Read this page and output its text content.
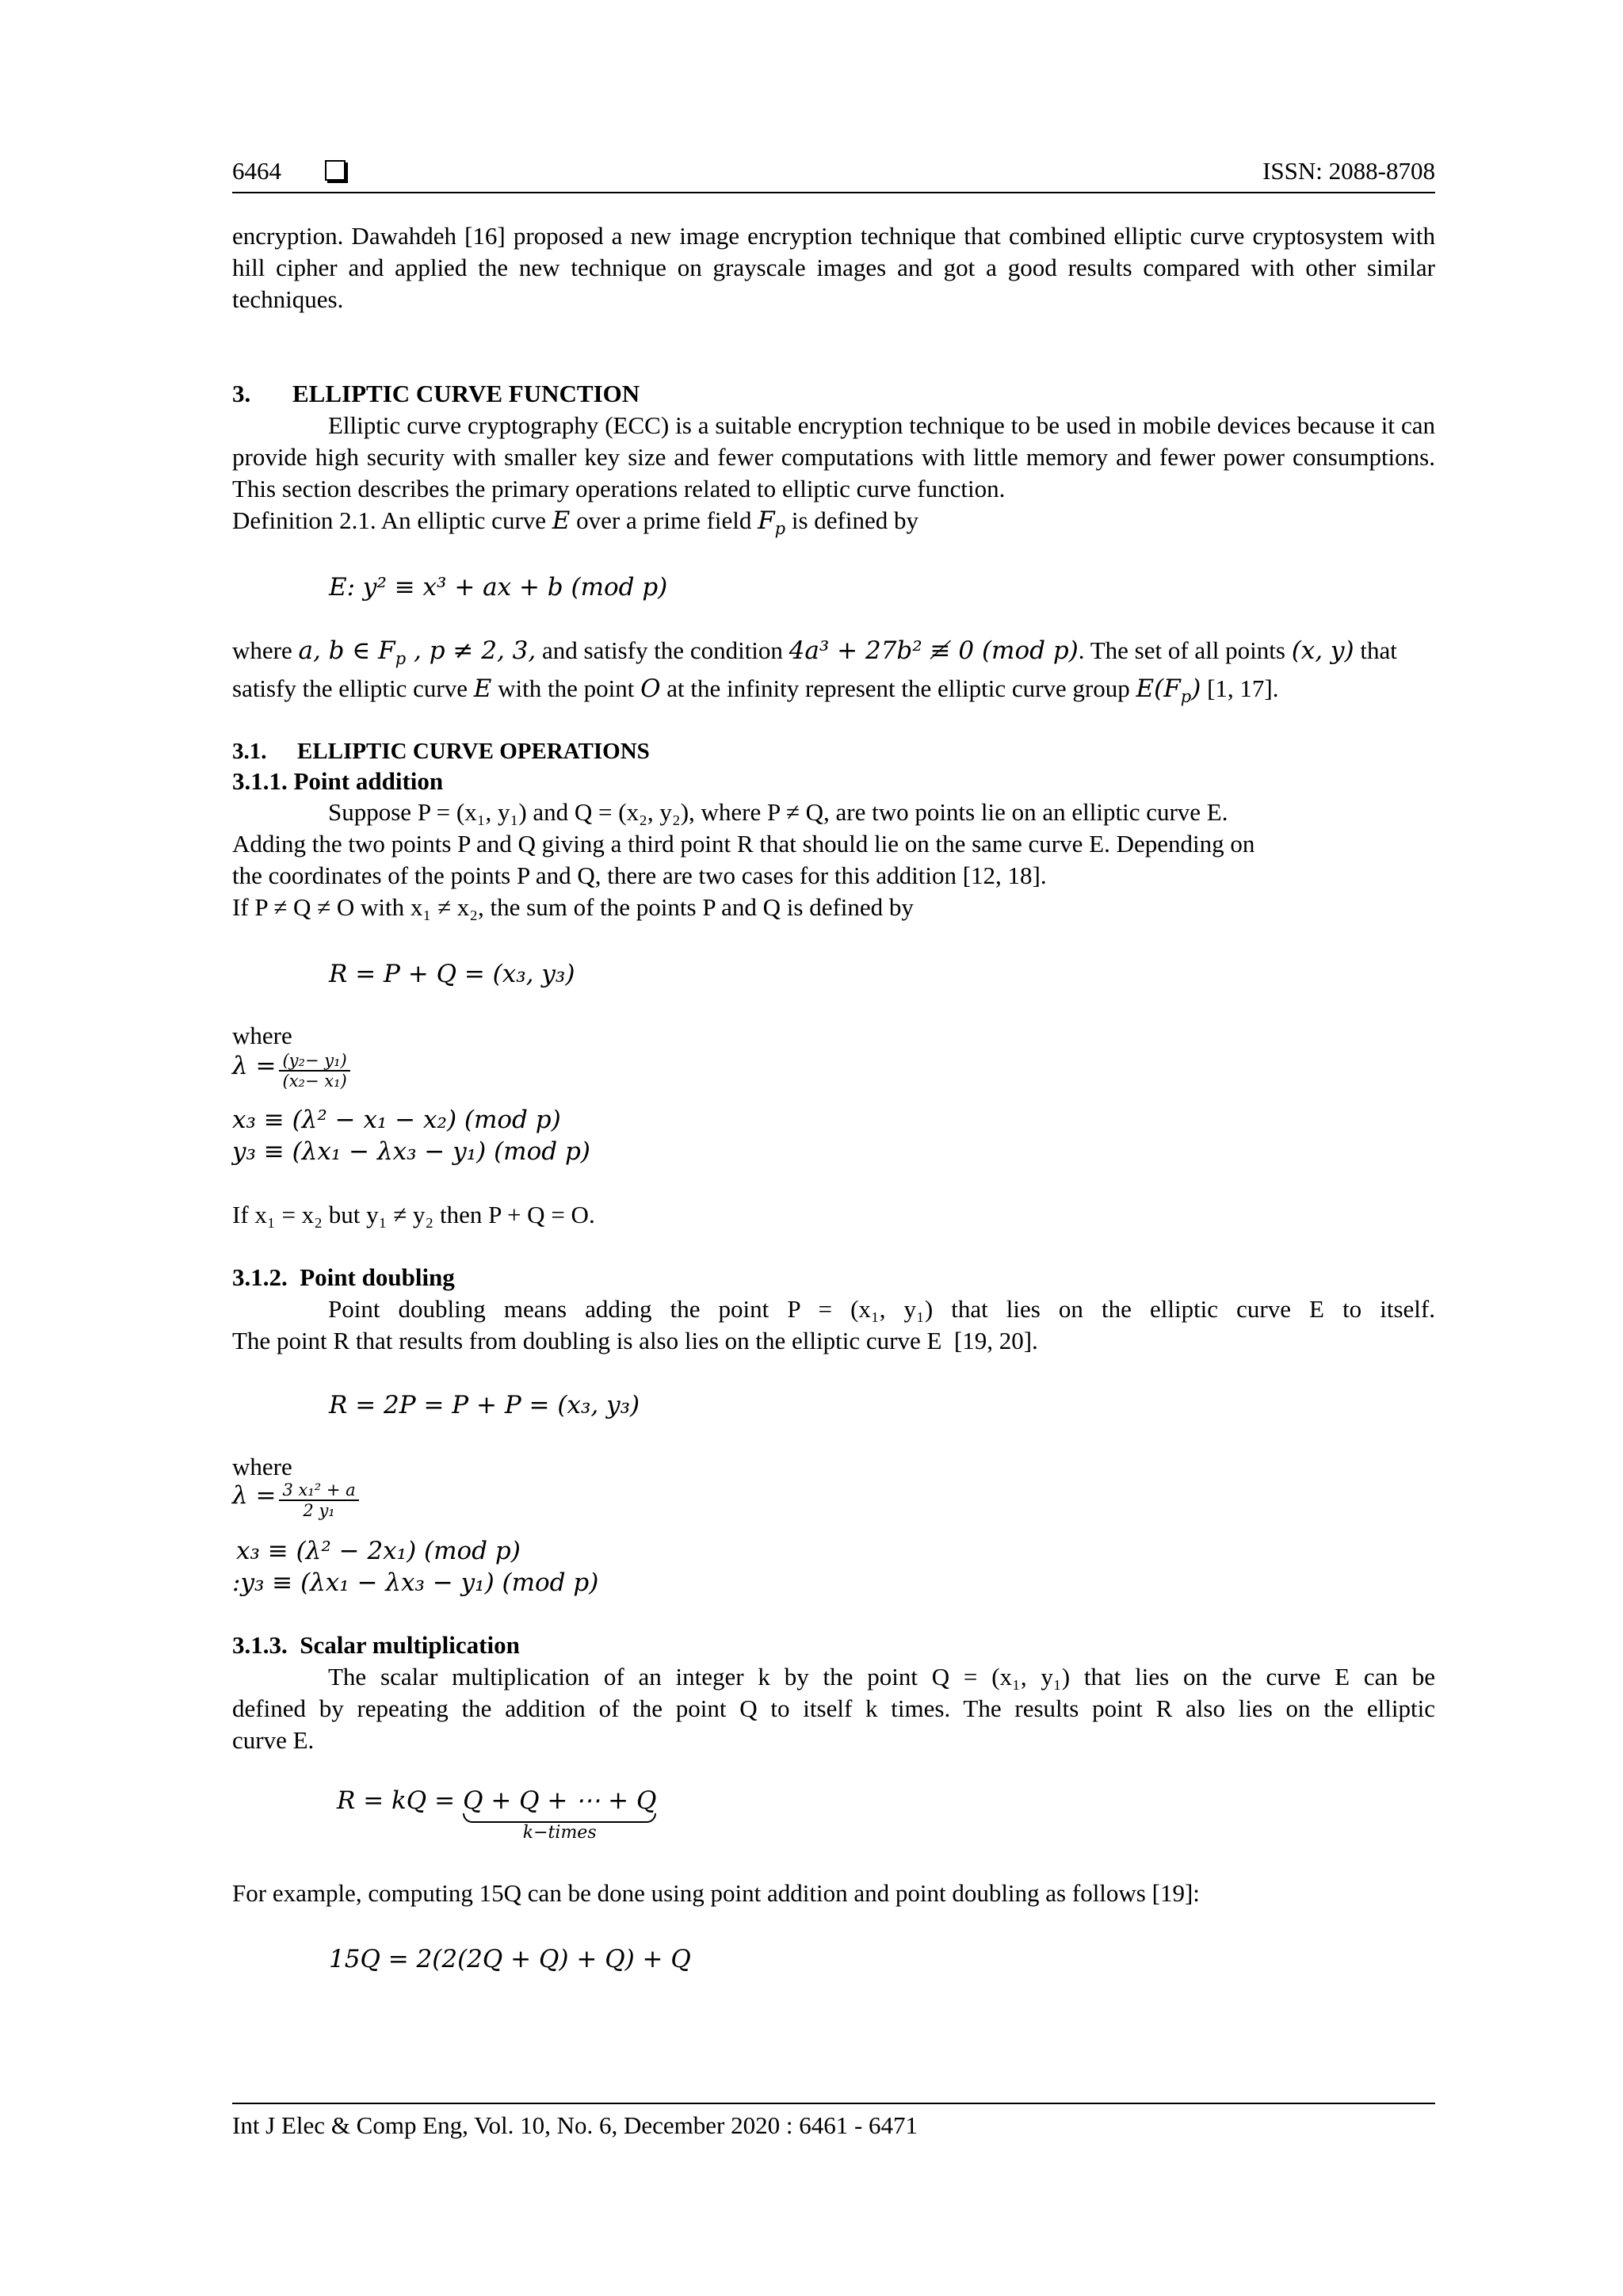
6464	ISSN: 2088-8708
encryption. Dawahdeh [16] proposed a new image encryption technique that combined elliptic curve cryptosystem with hill cipher and applied the new technique on grayscale images and got a good results compared with other similar techniques.
3. ELLIPTIC CURVE FUNCTION
Elliptic curve cryptography (ECC) is a suitable encryption technique to be used in mobile devices because it can provide high security with smaller key size and fewer computations with little memory and fewer power consumptions. This section describes the primary operations related to elliptic curve function.
Definition 2.1. An elliptic curve E over a prime field $F_p$ is defined by
E: y² ≡ x³ + ax + b (mod p)
where a, b ∈ $F_p$ , p ≠ 2, 3, and satisfy the condition 4a³ + 27b² ≢ 0 (mod p). The set of all points (x, y) that
satisfy the elliptic curve E with the point O at the infinity represent the elliptic curve group $E(F_p)$ [1, 17].
3.1. ELLIPTIC CURVE OPERATIONS
3.1.1. Point addition
Suppose P = (x₁, y₁) and Q = (x₂, y₂), where P ≠ Q, are two points lie on an elliptic curve E.
Adding the two points P and Q giving a third point R that should lie on the same curve E. Depending on
the coordinates of the points P and Q, there are two cases for this addition [12, 18].
If P ≠ Q ≠ O with x₁ ≠ x₂, the sum of the points P and Q is defined by
R = P + Q = (x₃, y₃)
where
$\lambda = \frac{\text{(y₂− y₁)}}{\text{(x₂− x₁)}}$
x₃ ≡ (λ² − x₁ − x₂) (mod p)
y₃ ≡ (λx₁ − λx₃ − y₁) (mod p)
If x₁ = x₂ but y₁ ≠ y₂ then P + Q = O.
3.1.2.  Point doubling
Point doubling means adding the point P = (x₁, y₁) that lies on the elliptic curve E to itself.
The point R that results from doubling is also lies on the elliptic curve E  [19, 20].
R = 2P = P + P = (x₃, y₃)
where
$\lambda = \frac{\text{3 x₁² + a}}{\text{2 y₁}}$
x₃ ≡ (λ² − 2x₁) (mod p)
:y₃ ≡ (λx₁ − λx₃ − y₁) (mod p)
3.1.3.  Scalar multiplication
The scalar multiplication of an integer k by the point Q = (x₁, y₁) that lies on the curve E can be
defined by repeating the addition of the point Q to itself k times. The results point R also lies on the elliptic
curve E.
R = kQ = Q + Q + ⋯ + Q
k−times
For example, computing 15Q can be done using point addition and point doubling as follows [19]:
15Q = 2(2(2Q + Q) + Q) + Q
Int J Elec & Comp Eng, Vol. 10, No. 6, December 2020 : 6461 - 6471
